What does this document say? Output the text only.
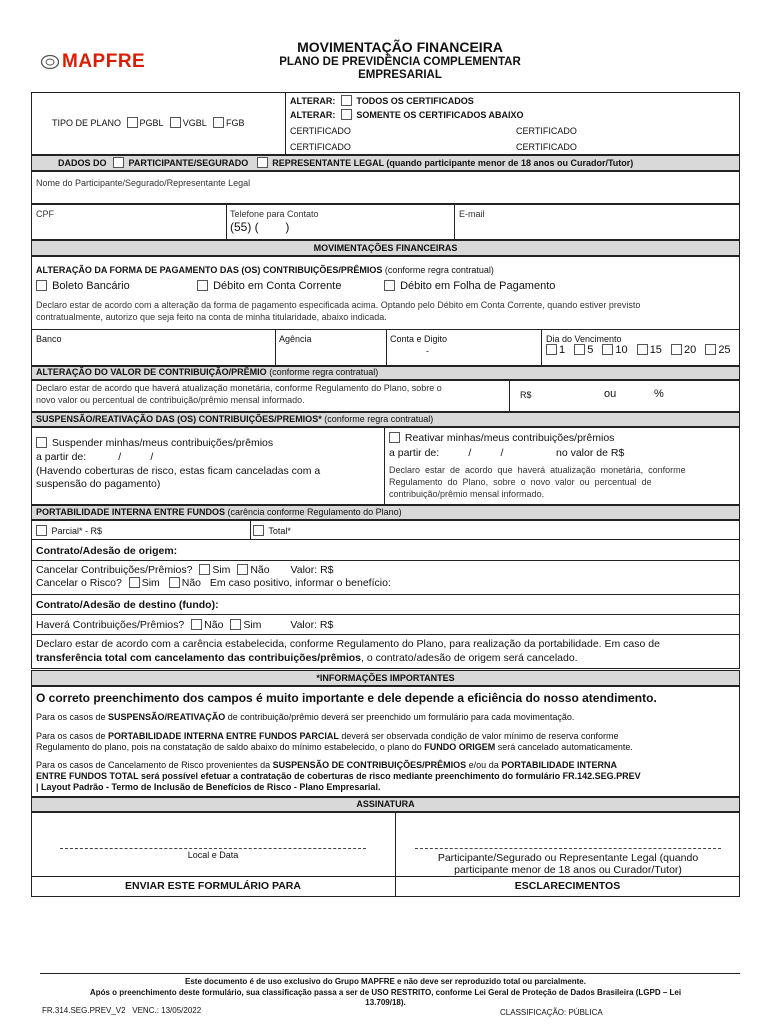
MAPFRE
MOVIMENTAÇÃO FINANCEIRA
PLANO DE PREVIDÊNCIA COMPLEMENTAR
EMPRESARIAL
TIPO DE PLANO PGBL VGBL FGB
ALTERAR: TODOS OS CERTIFICADOS
ALTERAR: SOMENTE OS CERTIFICADOS ABAIXO
CERTIFICADO	CERTIFICADO
CERTIFICADO	CERTIFICADO
DADOS DO PARTICIPANTE/SEGURADO	REPRESENTANTE LEGAL (quando participante menor de 18 anos ou Curador/Tutor)
Nome do Participante/Segurado/Representante Legal
CPF	Telefone para Contato
(55) (        )
E-mail
MOVIMENTAÇÕES FINANCEIRAS
ALTERAÇÃO DA FORMA DE PAGAMENTO DAS (OS) CONTRIBUIÇÕES/PRÊMIOS (conforme regra contratual)
Boleto Bancário	Débito em Conta Corrente	Débito em Folha de Pagamento
Declaro estar de acordo com a alteração da forma de pagamento especificada acima. Optando pelo Débito em Conta Corrente, quando estiver previsto
contratualmente, autorizo que seja feito na conta de minha titularidade, abaixo indicada.
Banco	Agência	Conta e Digito
-
Dia do Vencimento
1 5 10 15 20 25
ALTERAÇÃO DO VALOR DE CONTRIBUIÇÃO/PRÊMIO (conforme regra contratual)
Declaro estar de acordo que haverá atualização monetária, conforme Regulamento do Plano, sobre o
novo valor ou percentual de contribuição/prêmio mensal informado.	R$	ou	%
SUSPENSÃO/REATIVAÇÃO DAS (OS) CONTRIBUIÇÕES/PREMIOS* (conforme regra contratual)
Suspender minhas/meus contribuições/prêmios
a partir de:           /          /
(Havendo coberturas de risco, estas ficam canceladas com a
suspensão do pagamento)
Reativar minhas/meus contribuições/prêmios
a partir de:          /          /	no valor de R$
Declaro  estar  de  acordo  que  haverá  atualização  monetária,  conforme
Regulamento  do  Plano,  sobre  o  novo  valor  ou  percentual  de
contribuição/prêmio mensal informado.
PORTABILIDADE INTERNA ENTRE FUNDOS (carência conforme Regulamento do Plano)
Parcial* - R$	Total*
Contrato/Adesão de origem:
Cancelar Contribuições/Prêmios? Sim Não Valor: R$
Cancelar o Risco? Sim Não Em caso positivo, informar o benefício:
Contrato/Adesão de destino (fundo):
Haverá Contribuições/Prêmios? Não Sim	Valor: R$
Declaro estar de acordo com a carência estabelecida, conforme Regulamento do Plano, para realização da portabilidade. Em caso de
transferência total com cancelamento das contribuições/prêmios, o contrato/adesão de origem será cancelado.
*INFORMAÇÕES IMPORTANTES
O correto preenchimento dos campos é muito importante e dele depende a eficiência do nosso atendimento.
Para os casos de SUSPENSÃO/REATIVAÇÃO de contribuição/prêmio deverá ser preenchido um formulário para cada movimentação.
Para os casos de PORTABILIDADE INTERNA ENTRE FUNDOS PARCIAL deverá ser observada condição de valor mínimo de reserva conforme
Regulamento do plano, pois na constatação de saldo abaixo do mínimo estabelecido, o plano do FUNDO ORIGEM será cancelado automaticamente.
Para os casos de Cancelamento de Risco provenientes da SUSPENSÃO DE CONTRIBUIÇÕES/PRÊMIOS e/ou da PORTABILIDADE INTERNA
ENTRE FUNDOS TOTAL será possível efetuar a contratação de coberturas de risco mediante preenchimento do formulário FR.142.SEG.PREV
| Layout Padrão - Termo de Inclusão de Benefícios de Risco - Plano Empresarial.
ASSINATURA
Local e Data	Participante/Segurado ou Representante Legal (quando
participante menor de 18 anos ou Curador/Tutor)
ENVIAR ESTE FORMULÁRIO PARA	ESCLARECIMENTOS
Este documento é de uso exclusivo do Grupo MAPFRE e não deve ser reproduzido total ou parcialmente.
Após o preenchimento deste formulário, sua classificação passa a ser de USO RESTRITO, conforme Lei Geral de Proteção de Dados Brasileira (LGPD – Lei
13.709/18).
FR.314.SEG.PREV_V2   VENC.: 13/05/2022	CLASSIFICAÇÃO: PÚBLICA
